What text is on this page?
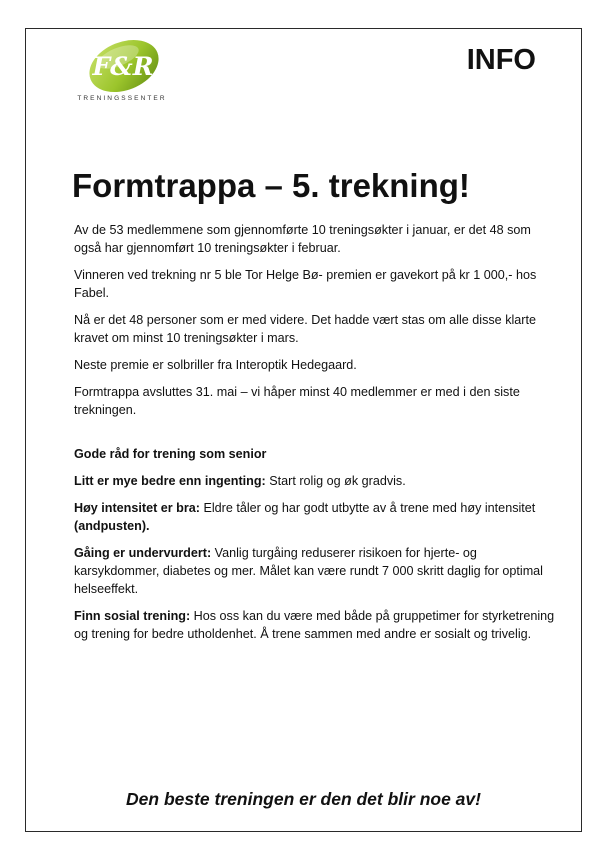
F&R
TRENINGSSENTER
INFO
Formtrappa – 5. trekning!

Av de 53 medlemmene som gjennomførte 10 treningsøkter i januar, er det 48 som også har gjennomført 10 treningsøkter i februar.

Vinneren ved trekning nr 5 ble Tor Helge Bø- premien er gavekort på kr 1 000,- hos Fabel.

Nå er det 48 personer som er med videre. Det hadde vært stas om alle disse klarte kravet om minst 10 treningsøkter i mars.

Neste premie er solbriller fra Interoptik Hedegaard.

Formtrappa avsluttes 31. mai – vi håper minst 40 medlemmer er med i den siste trekningen.

Gode råd for trening som senior

Litt er mye bedre enn ingenting: Start rolig og øk gradvis.

Høy intensitet er bra: Eldre tåler og har godt utbytte av å trene med høy intensitet (andpusten).

Gåing er undervurdert: Vanlig turgåing reduserer risikoen for hjerte- og karsykdommer, diabetes og mer. Målet kan være rundt 7 000 skritt daglig for optimal helseeffekt.

Finn sosial trening: Hos oss kan du være med både på gruppetimer for styrketrening og trening for bedre utholdenhet. Å trene sammen med andre er sosialt og trivelig.

Den beste treningen er den det blir noe av!
